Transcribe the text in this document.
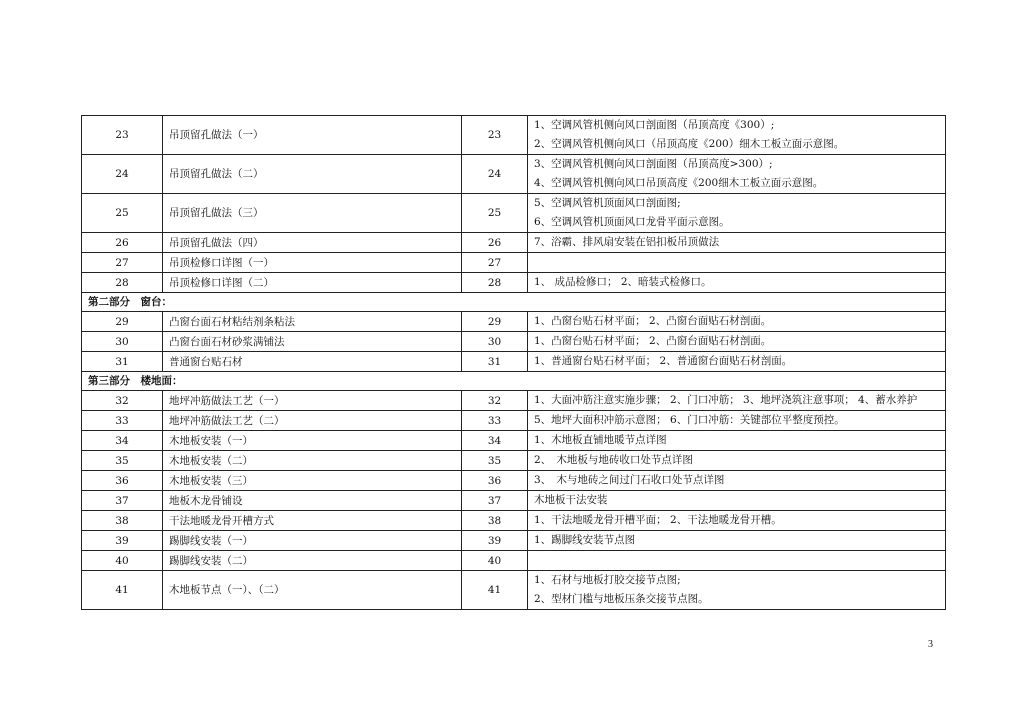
23	吊顶留孔做法（一）	23	1、空调风管机侧向风口剖面图（吊顶高度《300）;
2、空调风管机侧向风口（吊顶高度《200）细木工板立面示意图。

24	吊顶留孔做法（二）	24	3、空调风管机侧向风口剖面图（吊顶高度>300）;
4、空调风管机侧向风口吊顶高度《200细木工板立面示意图。

25	吊顶留孔做法（三）	25	5、空调风管机顶面风口剖面图;
6、空调风管机顶面风口龙骨平面示意图。

26	吊顶留孔做法（四）	26	7、浴霸、排风扇安装在铝扣板吊顶做法

27	吊顶检修口详图（一）	27	

28	吊顶检修口详图（二）	28	1、 成品检修口； 2、暗装式检修口。

第二部分　窗台：			
29	凸窗台面石材粘结剂条粘法	29	1、凸窗台贴石材平面； 2、凸窗台面贴石材剖面。

30	凸窗台面石材砂浆满铺法	30	1、凸窗台贴石材平面； 2、凸窗台面贴石材剖面。

31	普通窗台贴石材	31	1、普通窗台贴石材平面； 2、普通窗台面贴石材剖面。

第三部分　楼地面：			
32	地坪冲筋做法工艺（一）	32	1、大面冲筋注意实施步骤； 2、门口冲筋； 3、地坪浇筑注意事项； 4、蓄水养护

33	地坪冲筋做法工艺（二）	33	5、地坪大面积冲筋示意图； 6、门口冲筋：关键部位平整度预控。

34	木地板安装（一）	34	1、木地板直铺地暖节点详图

35	木地板安装（二）	35	2、　木地板与地砖收口处节点详图

36	木地板安装（三）	36	3、　木与地砖之间过门石收口处节点详图

37	地板木龙骨铺设	37	木地板干法安装

38	干法地暖龙骨开槽方式	38	1、干法地暖龙骨开槽平面； 2、干法地暖龙骨开槽。

39	踢脚线安装（一）	39	1、踢脚线安装节点图

40	踢脚线安装（二）	40	

41	木地板节点（一）、（二）	41	1、石材与地板打胶交接节点图;
2、型材门槛与地板压条交接节点图。
3
